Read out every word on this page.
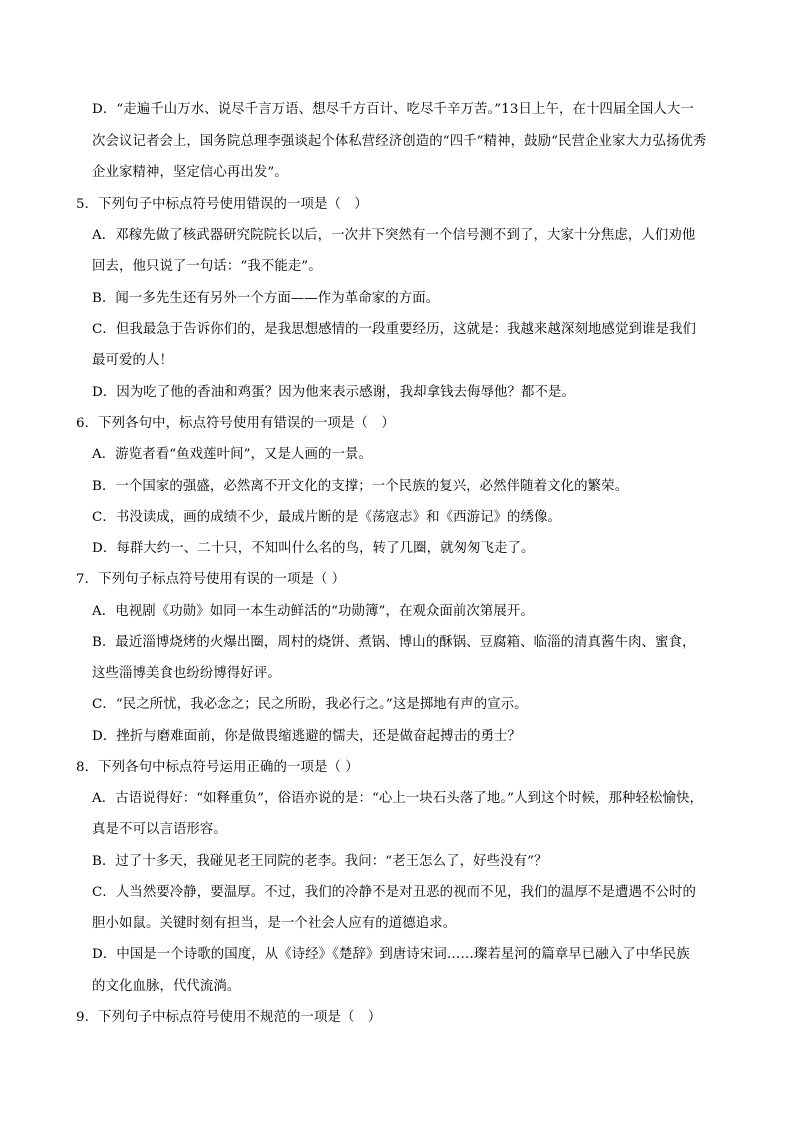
D．“走遍千山万水、说尽千言万语、想尽千方百计、吃尽千辛万苦。”13日上午，在十四届全国人大一
次会议记者会上，国务院总理李强谈起个体私营经济创造的“四千”精神，鼓励“民营企业家大力弘扬优秀
企业家精神，坚定信心再出发”。
5．下列句子中标点符号使用错误的一项是（　）
A．邓稼先做了核武器研究院院长以后，一次井下突然有一个信号测不到了，大家十分焦虑，人们劝他
回去，他只说了一句话：“我不能走”。
B．闻一多先生还有另外一个方面——作为革命家的方面。
C．但我最急于告诉你们的，是我思想感情的一段重要经历，这就是：我越来越深刻地感觉到谁是我们
最可爱的人！
D．因为吃了他的香油和鸡蛋？因为他来表示感谢，我却拿钱去侮辱他？都不是。
6．下列各句中，标点符号使用有错误的一项是（　）
A．游览者看“鱼戏莲叶间”，又是人画的一景。
B．一个国家的强盛，必然离不开文化的支撑；一个民族的复兴，必然伴随着文化的繁荣。
C．书没读成，画的成绩不少，最成片断的是《荡寇志》和《西游记》的绣像。
D．每群大约一、二十只，不知叫什么名的鸟，转了几圈，就匆匆飞走了。
7．下列句子标点符号使用有误的一项是（ ）
A．电视剧《功勋》如同一本生动鲜活的“功勋簿”，在观众面前次第展开。
B．最近淄博烧烤的火爆出圈，周村的烧饼、煮锅、博山的酥锅、豆腐箱、临淄的清真酱牛肉、蜜食，
这些淄博美食也纷纷博得好评。
C．“民之所忧，我必念之；民之所盼，我必行之。”这是掷地有声的宣示。
D．挫折与磨难面前，你是做畏缩逃避的懦夫，还是做奋起搏击的勇士？
8．下列各句中标点符号运用正确的一项是（ ）
A．古语说得好：“如释重负”，俗语亦说的是：“心上一块石头落了地。”人到这个时候，那种轻松愉快，
真是不可以言语形容。
B．过了十多天，我碰见老王同院的老李。我问：“老王怎么了，好些没有”？
C．人当然要冷静，要温厚。不过，我们的冷静不是对丑恶的视而不见，我们的温厚不是遭遇不公时的
胆小如鼠。关键时刻有担当，是一个社会人应有的道德追求。
D．中国是一个诗歌的国度，从《诗经》《楚辞》到唐诗宋词……璨若星河的篇章早已融入了中华民族
的文化血脉，代代流淌。
9．下列句子中标点符号使用不规范的一项是（　）
